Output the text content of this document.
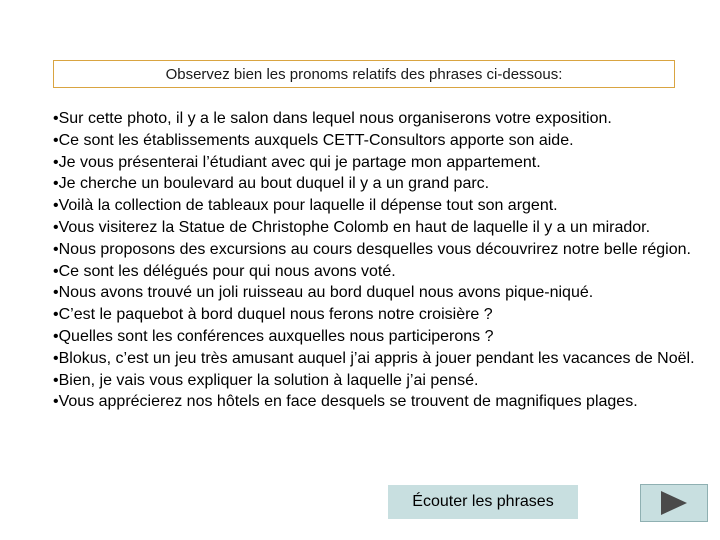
Observez bien les pronoms relatifs des phrases ci-dessous:
•Sur cette photo, il y a le salon dans lequel nous organiserons votre exposition.
•Ce sont les établissements auxquels CETT-Consultors apporte son aide.
•Je vous présenterai l’étudiant avec qui je partage mon appartement.
•Je cherche un boulevard au bout duquel il y a un grand parc.
•Voilà la collection de tableaux pour laquelle il dépense tout son argent.
•Vous visiterez la Statue de Christophe Colomb en haut de laquelle il y a un mirador.
•Nous proposons des excursions au cours desquelles vous découvrirez notre belle région.
•Ce sont les délégués pour qui nous avons voté.
•Nous avons trouvé un joli ruisseau au bord duquel nous avons pique-niqué.
•C’est le paquebot à bord duquel nous ferons notre croisière ?
•Quelles sont les conférences auxquelles nous participerons ?
•Blokus, c’est un jeu très amusant auquel j’ai appris à jouer pendant les vacances de Noël.
•Bien, je vais vous expliquer la solution à laquelle j’ai pensé.
•Vous apprécierez nos hôtels en face desquels se trouvent de magnifiques plages.
Écouter les phrases
